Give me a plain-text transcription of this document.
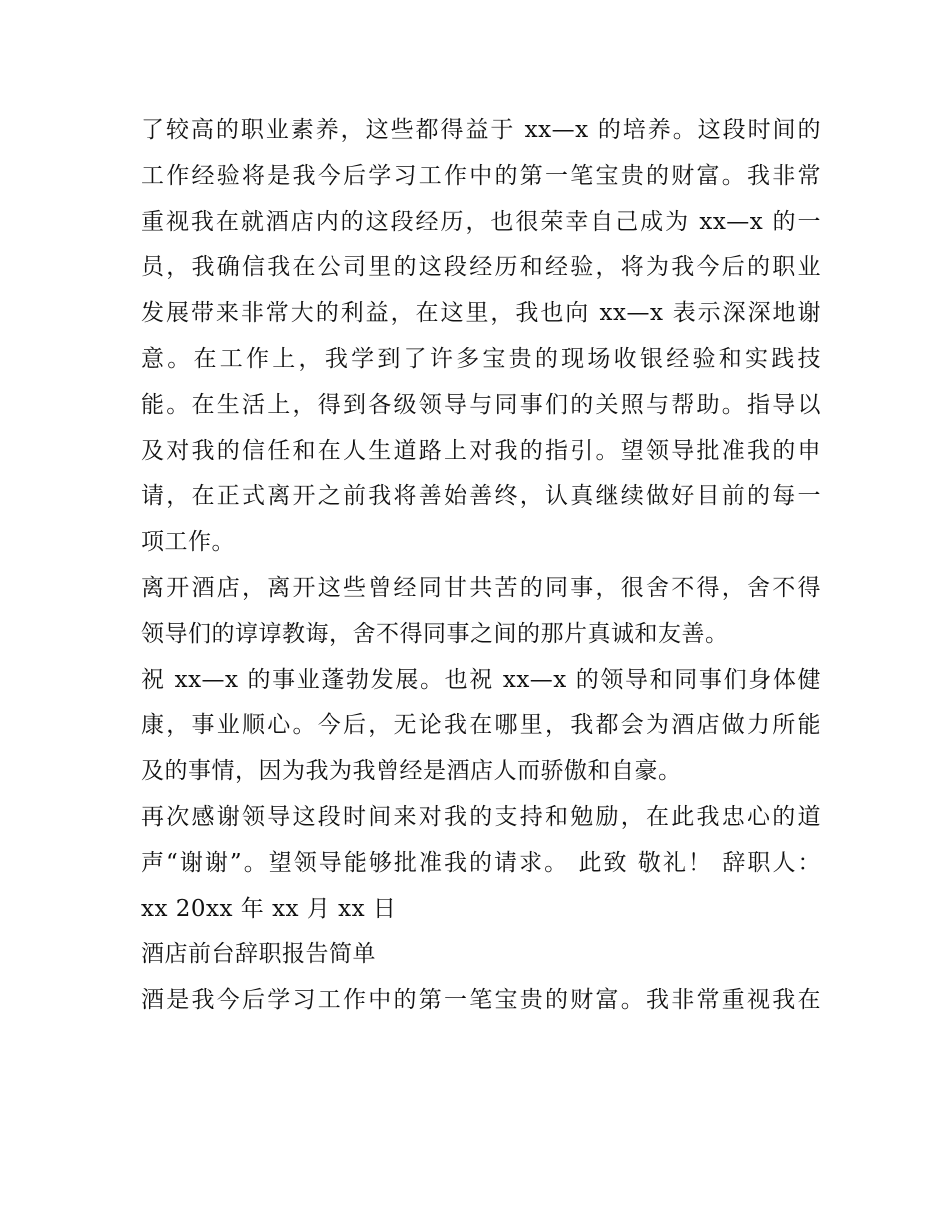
了较高的职业素养，这些都得益于 xx—x 的培养。这段时间的
工作经验将是我今后学习工作中的第一笔宝贵的财富。我非常
重视我在就酒店内的这段经历，也很荣幸自己成为 xx—x 的一
员，我确信我在公司里的这段经历和经验，将为我今后的职业
发展带来非常大的利益，在这里，我也向 xx—x 表示深深地谢
意。在工作上，我学到了许多宝贵的现场收银经验和实践技
能。在生活上，得到各级领导与同事们的关照与帮助。指导以
及对我的信任和在人生道路上对我的指引。望领导批准我的申
请，在正式离开之前我将善始善终，认真继续做好目前的每一
项工作。
离开酒店，离开这些曾经同甘共苦的同事，很舍不得，舍不得
领导们的谆谆教诲，舍不得同事之间的那片真诚和友善。
祝 xx—x 的事业蓬勃发展。也祝 xx—x 的领导和同事们身体健
康，事业顺心。今后，无论我在哪里，我都会为酒店做力所能
及的事情，因为我为我曾经是酒店人而骄傲和自豪。
再次感谢领导这段时间来对我的支持和勉励，在此我忠心的道
声“谢谢”。望领导能够批准我的请求。 此致 敬礼！ 辞职人：
xx 20xx 年 xx 月 xx 日
酒店前台辞职报告简单
酒是我今后学习工作中的第一笔宝贵的财富。我非常重视我在
